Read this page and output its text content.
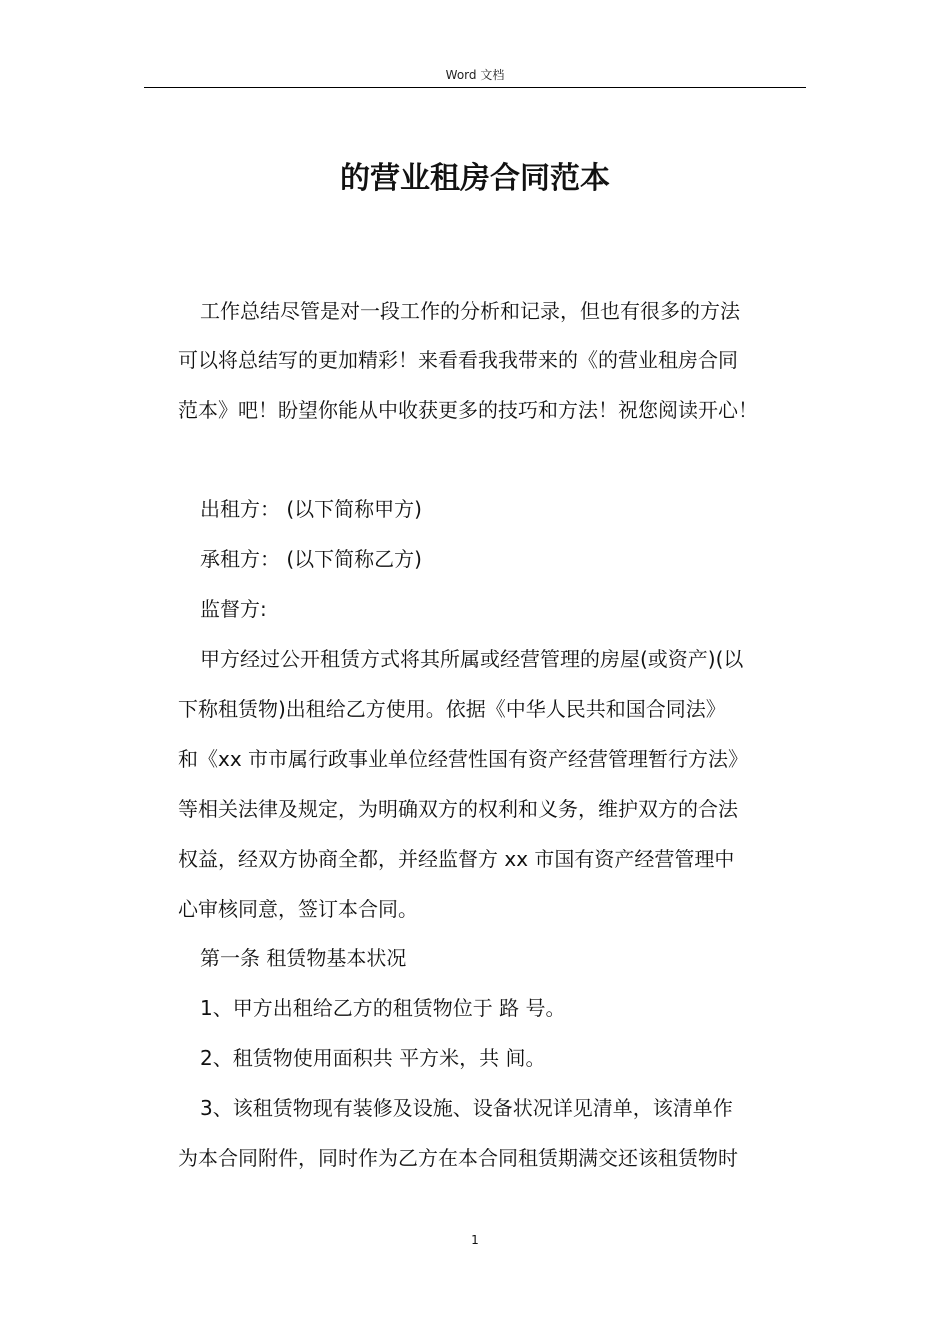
Word 文档
的营业租房合同范本
工作总结尽管是对一段工作的分析和记录，但也有很多的方法
可以将总结写的更加精彩！来看看我我带来的《的营业租房合同
范本》吧！盼望你能从中收获更多的技巧和方法！祝您阅读开心！
出租方： (以下简称甲方)
承租方： (以下简称乙方)
监督方:
甲方经过公开租赁方式将其所属或经营管理的房屋(或资产)(以
下称租赁物)出租给乙方使用。依据《中华人民共和国合同法》
和《xx 市市属行政事业单位经营性国有资产经营管理暂行方法》
等相关法律及规定，为明确双方的权利和义务，维护双方的合法
权益，经双方协商全都，并经监督方 xx 市国有资产经营管理中
心审核同意，签订本合同。
第一条 租赁物基本状况
1、甲方出租给乙方的租赁物位于 路 号。
2、租赁物使用面积共 平方米，共 间。
3、该租赁物现有装修及设施、设备状况详见清单，该清单作
为本合同附件，同时作为乙方在本合同租赁期满交还该租赁物时
1
